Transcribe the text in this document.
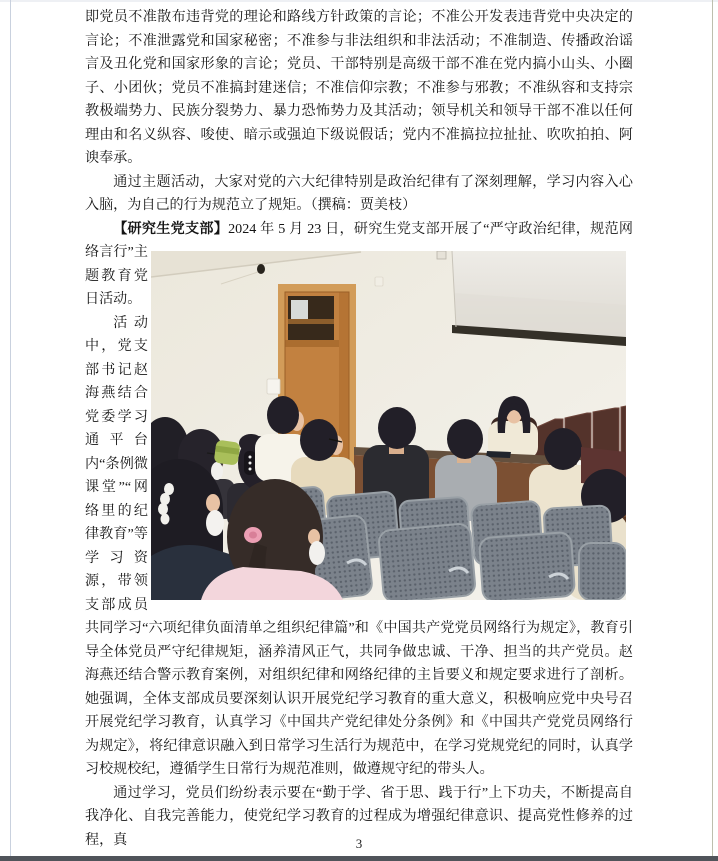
即党员不准散布违背党的理论和路线方针政策的言论；不准公开发表违背党中央决定的言论；不准泄露党和国家秘密；不准参与非法组织和非法活动；不准制造、传播政治谣言及丑化党和国家形象的言论；党员、干部特别是高级干部不准在党内搞小山头、小圈子、小团伙；党员不准搞封建迷信；不准信仰宗教；不准参与邪教；不准纵容和支持宗教极端势力、民族分裂势力、暴力恐怖势力及其活动；领导机关和领导干部不准以任何理由和名义纵容、唆使、暗示或强迫下级说假话；党内不准搞拉拉扯扯、吹吹拍拍、阿谀奉承。

通过主题活动，大家对党的六大纪律特别是政治纪律有了深刻理解，学习内容入心入脑，为自己的行为规范立了规矩。（撰稿：贾美枝）

【研究生党支部】2024 年 5 月 23 日，研究生党支部开展了“严守政治纪律，规范网络
言行”主题教育党日活动。

活动中，党支部书记赵海燕结合党委学习通平台内“条例微课堂”“网络里的纪律教育”等学习资源，带领支部成员共同学习“六项纪律负面清单之组织纪律篇”和《中国共产党党员网络行为规定》，教育引导全体党员严守纪律规矩，涵养清风正气，共同争做忠诚、干净、担当的共产党员。赵海燕还结合警示教育案例，对组织纪律和网络纪律的主旨要义和规定要求进行了剖析。她强调，全体支部成员要深刻认识开展党纪学习教育的重大意义，积极响应党中央号召开展党纪学习教育，认真学习《中国共产党纪律处分条例》和《中国共产党党员网络行为规定》，将纪律意识融入到日常学习生活行为规范中，在学习党规党纪的同时，认真学习校规校纪，遵循学生日常行为规范准则，做遵规守纪的带头人。

通过学习，党员们纷纷表示要在“勤于学、省于思、践于行”上下功夫，不断提高自我净化、自我完善能力，使党纪学习教育的过程成为增强纪律意识、提高党性修养的过程，真	3
